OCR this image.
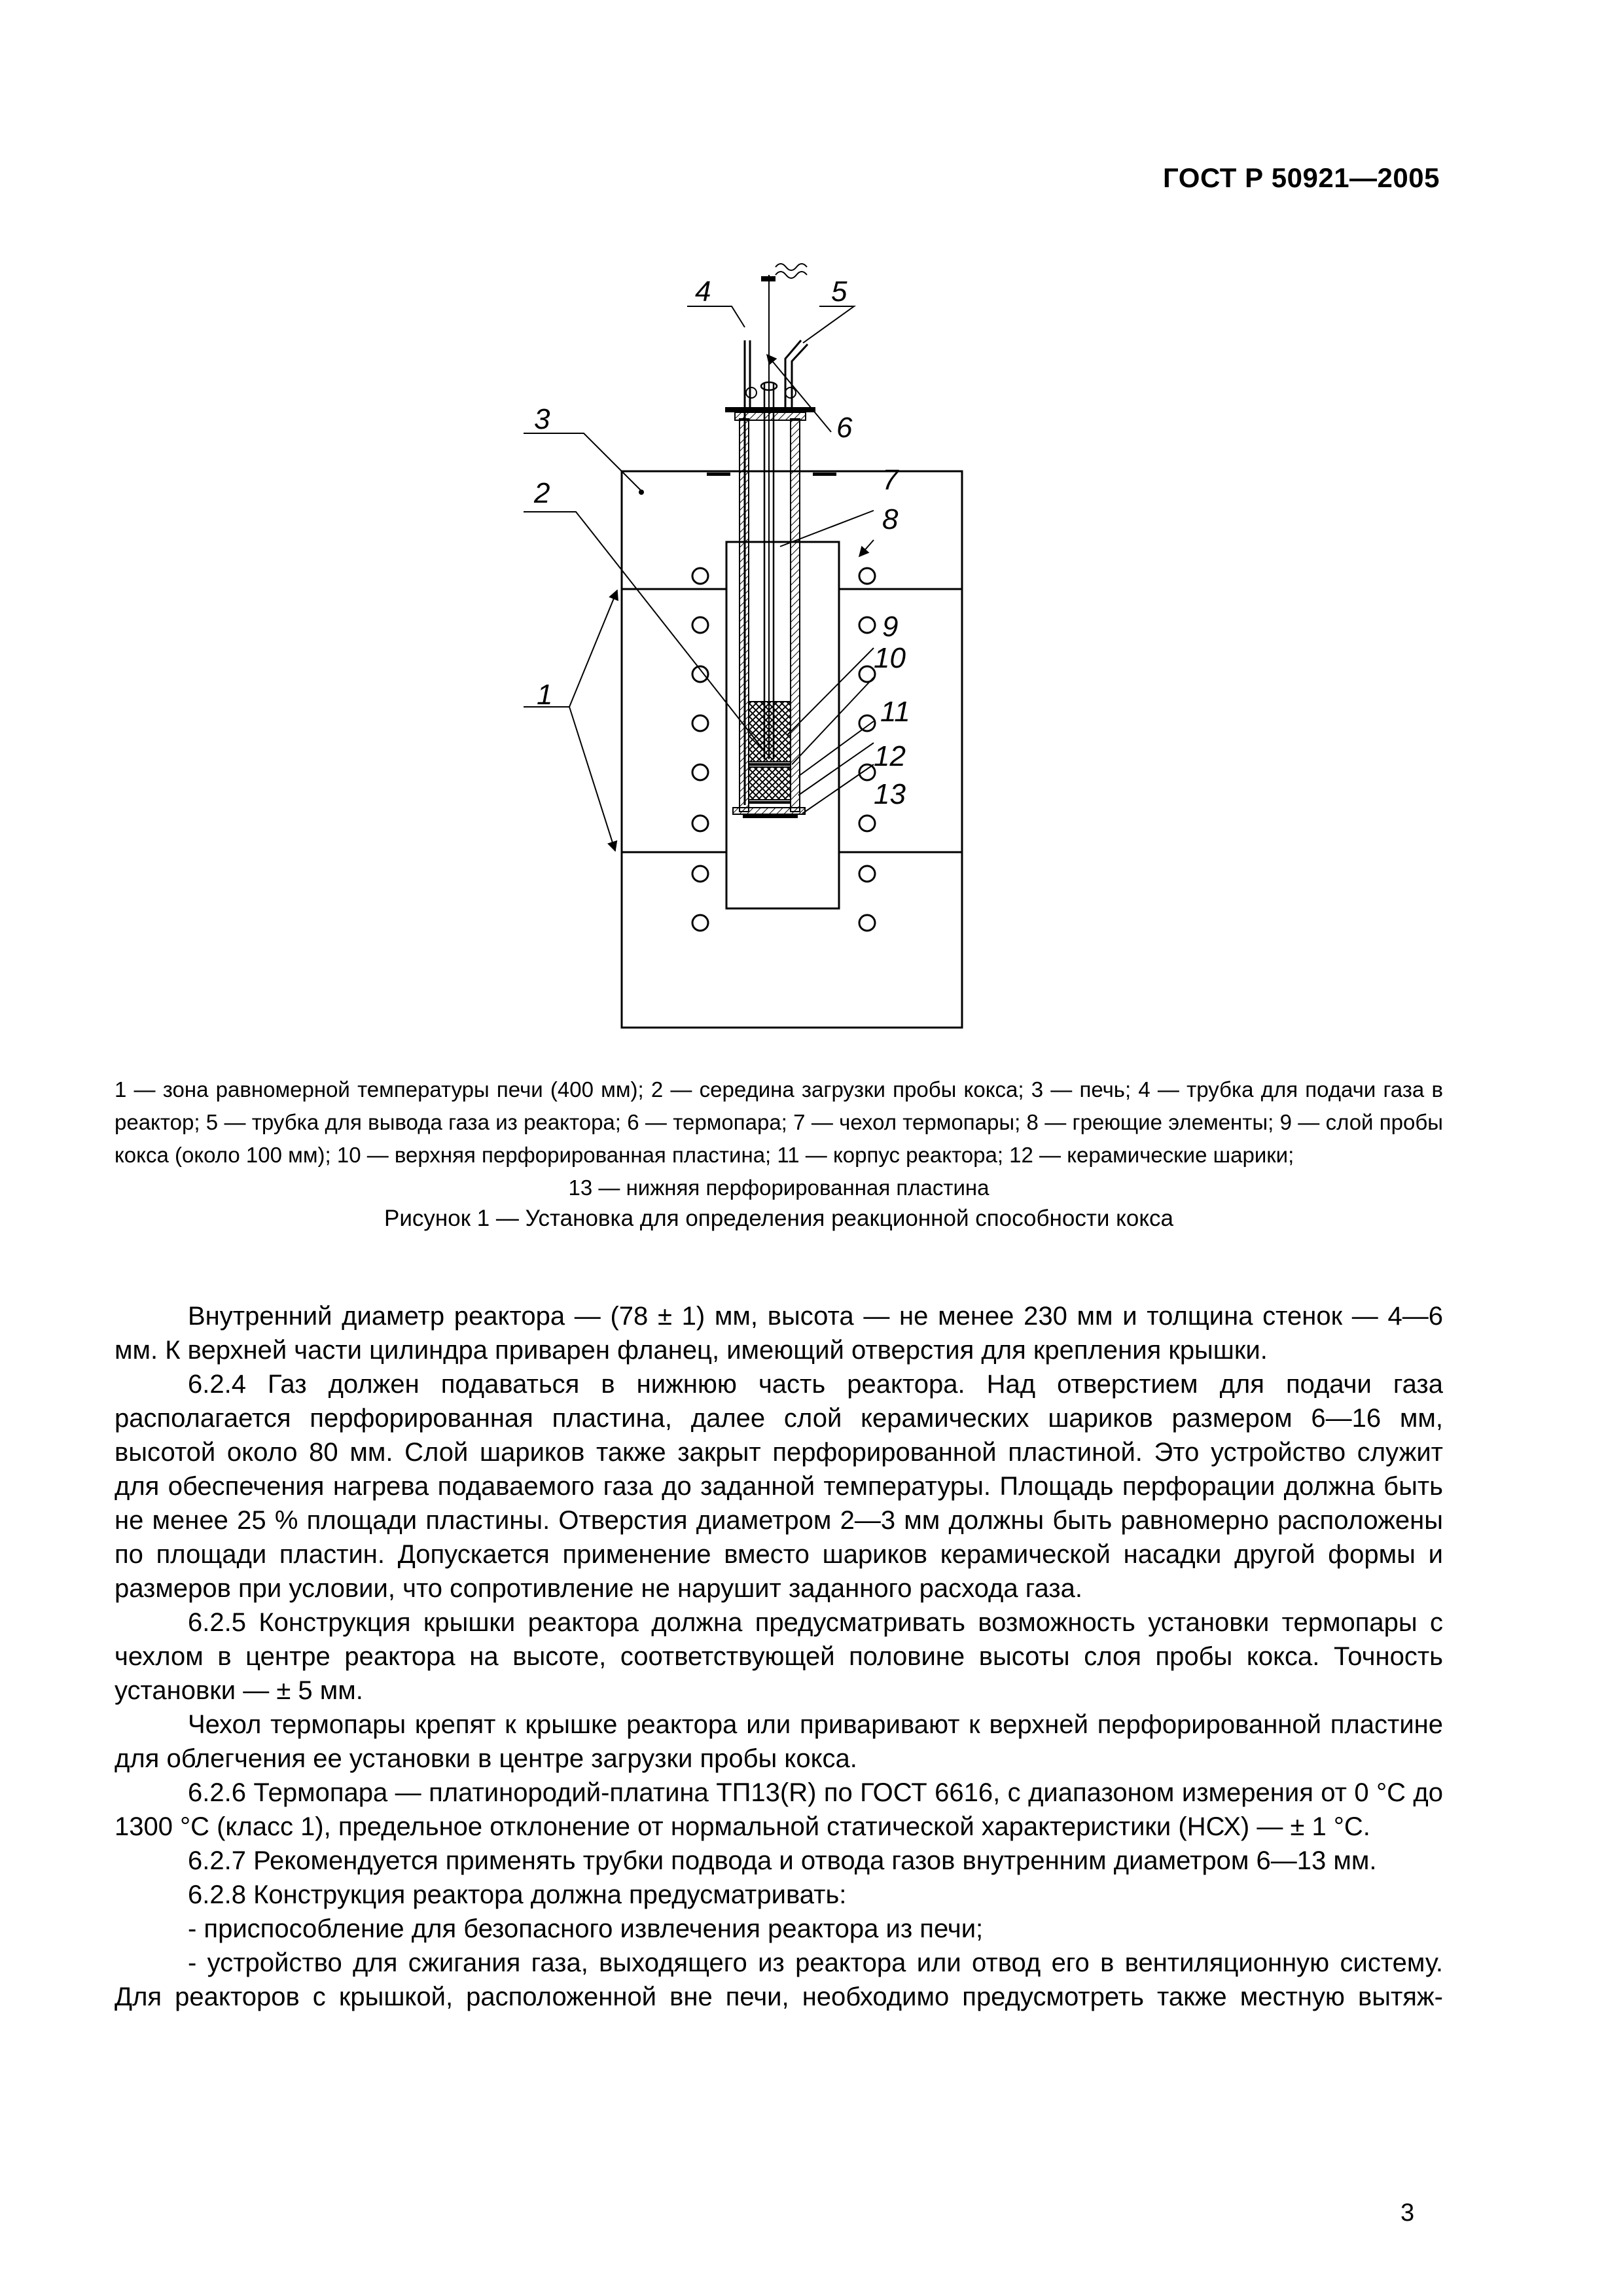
ГОСТ Р 50921—2005
4	5
6
3
7
2
8
9
10
1
11
12
13
1 — зона равномерной температуры печи (400 мм); 2 — середина загрузки пробы кокса; 3 — печь; 4 — трубка для подачи газа в реактор; 5 — трубка для вывода газа из реактора; 6 — термопара; 7 — чехол термопары; 8 — греющие элементы; 9 — слой пробы кокса (около 100 мм); 10 — верхняя перфорированная пластина; 11 — корпус реактора; 12 — керамические шарики;
13 — нижняя перфорированная пластина
Рисунок 1 — Установка для определения реакционной способности кокса

Внутренний диаметр реактора — (78 ± 1) мм, высота — не менее 230 мм и толщина стенок — 4—6 мм. К верхней части цилиндра приварен фланец, имеющий отверстия для крепления крышки.

6.2.4 Газ должен подаваться в нижнюю часть реактора. Над отверстием для подачи газа располагается перфорированная пластина, далее слой керамических шариков размером 6—16 мм, высотой около 80 мм. Слой шариков также закрыт перфорированной пластиной. Это устройство служит для обеспечения нагрева подаваемого газа до заданной температуры. Площадь перфорации должна быть не менее 25 % площади пластины. Отверстия диаметром 2—3 мм должны быть равномерно расположены по площади пластин. Допускается применение вместо шариков керамической насадки другой формы и размеров при условии, что сопротивление не нарушит заданного расхода газа.

6.2.5 Конструкция крышки реактора должна предусматривать возможность установки термопары с чехлом в центре реактора на высоте, соответствующей половине высоты слоя пробы кокса. Точность установки — ± 5 мм.

Чехол термопары крепят к крышке реактора или приваривают к верхней перфорированной пластине для облегчения ее установки в центре загрузки пробы кокса.

6.2.6 Термопара — платинородий-платина ТП13(R) по ГОСТ 6616, с диапазоном измерения от 0 °С до 1300 °С (класс 1), предельное отклонение от нормальной статической характеристики (НСХ) — ± 1 °С.

6.2.7 Рекомендуется применять трубки подвода и отвода газов внутренним диаметром 6—13 мм.

6.2.8 Конструкция реактора должна предусматривать:

- приспособление для безопасного извлечения реактора из печи;

- устройство для сжигания газа, выходящего из реактора или отвод его в вентиляционную систему. Для реакторов с крышкой, расположенной вне печи, необходимо предусмотреть также местную вытяж-

3
